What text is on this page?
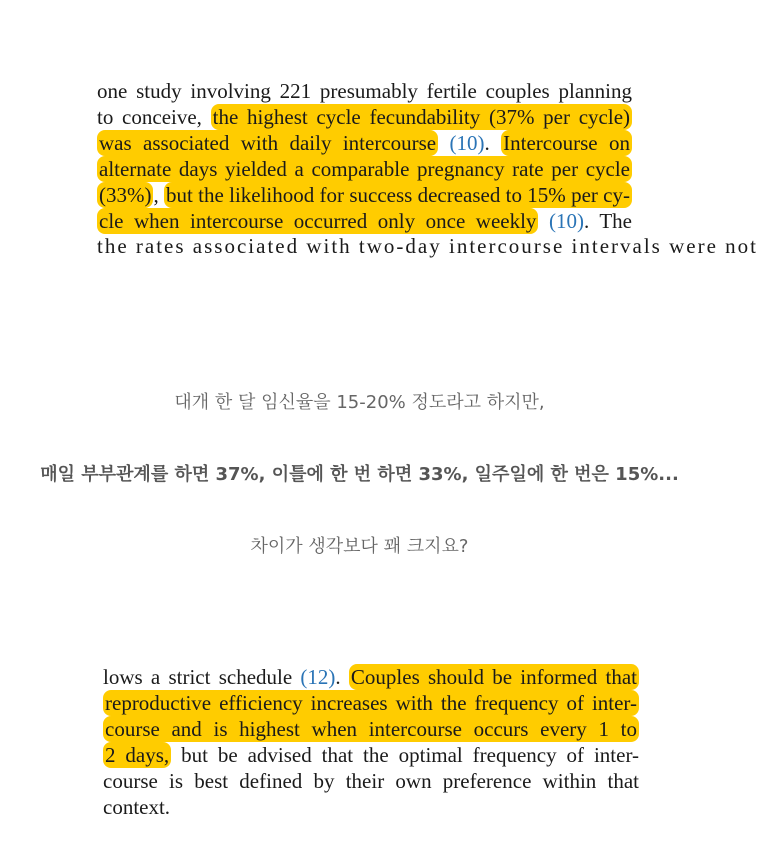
one study involving 221 presumably fertile couples planning
to conceive, the highest cycle fecundability (37% per cycle)
was associated with daily intercourse (10). Intercourse on
alternate days yielded a comparable pregnancy rate per cycle
(33%), but the likelihood for success decreased to 15% per cy-
cle when intercourse occurred only once weekly (10). The
the rates associated with two-day intercourse intervals were not
대개 한 달 임신율을 15-20% 정도라고 하지만,
매일 부부관계를 하면 37%, 이틀에 한 번 하면 33%, 일주일에 한 번은 15%...
차이가 생각보다 꽤 크지요?
lows a strict schedule (12). Couples should be informed that
reproductive efficiency increases with the frequency of inter-
course and is highest when intercourse occurs every 1 to
2 days, but be advised that the optimal frequency of inter-
course is best defined by their own preference within that
context.
